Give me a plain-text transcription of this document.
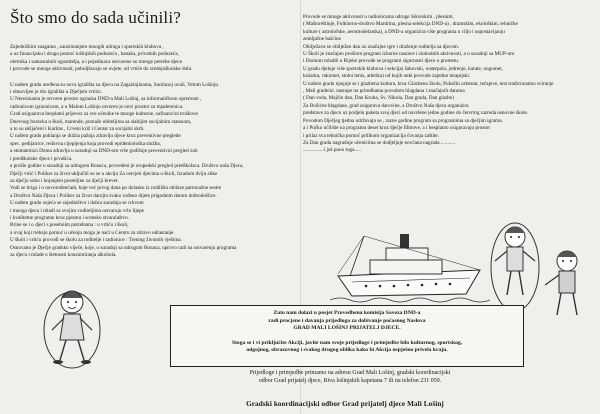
Što smo do sada učinili?

Zajedničkim snagama , zauzimanjem mnogih udruga i sportskih klubova ,

a uz financijsku i drugu pomoć lošinjskih poduzeća , banaka, privatnih poduzeća,

obrtnika i samostalnih ugostitelja, a i pojedinaca ostvarene su mnoge potrebe djece

i provode se mnoge aktivnosti, poboljšavaju se uvjete, od vrtiće do srednjoškolske dobi.

U našem gradu uređena su nova igrališta za djecu na Zagazinjinama, Sunčanoj uvali, Velom Lošinju

i obnovljen je dio igrališta u Dječjem vrtiću.

U Nerezinama je otvoren prostor ogranka DND-a Mali Lošinj, sa informatičkom opremom ,

radionicom igraonicom, a u Malom Lošinju otvoren je novi prostor za mjaderenicu.

Grad osiguarava besplatni prijevoz za sve učenike te mnoge kulturne, sufinancira troškove

Dnevnog boravka u školi, marende, pomaže obiteljima sa slabijim socijalnim statusom,

a to su ukljačeni i Karitas , Crveni križ i Centar za socijalni skrb.

U našem gradu poklanja se dužna pažnja zdravlju djece kroz preventivne preglede

spec. pedijatrice, redovna cijepljenja koja provodi epidemiološka služba,

a stomatolozi Doma zdravlja u suradnji sa DND-om vrše godišnje preventivni pregled zub

i predškolske djece i prvašića.

a prošle godine u suradnji sa udrugom Bonaca, provedeni je oropedski pregled predškolaca. Društvo naša Djeca,

Dječji vrtić i Poliker za život uključili su se u akciju Za ostvjeti djecima u školi, Izradom dviju slike

za dječju sobu i bojanjem posteljine za dječji krevet.

Vodi se briga i o novorođenčadi, koje već prvog dana po dolasku iz rodilišta obilaze patronažne sestre

a Društvo Naša Djeca i Poliker za život darujiu svako rođeno dijete prigodnim darom dobrodošlice.

U našem gradu osjeća se zajedništvo i dobra suradnja se crkvom

i mnoga djeca i mladi sa svojim voditeljima ostvaruju vrlo lijepe

i kvalitetne programe kroz pjesmu i scensko stvaralaštvo.

Brine se i o djeci s posebnim potrebama : u vrtiću i školi,

a ovaj koji trebaju pomoć u učenju mogu je naći u Centru za zdravo odrastanje.

U školi i vrtiću provodi se školu za roditelje i radionice : Trening životnih vještina.

Osnovano je Dječje gradsko vijeće, koje, u suradnji sa udrugom Bonaca, uprovo radi na ostvarenju programa

za djecu i mlade o štetnosti konzumiranja alkohola.

Provode se mnoge aktivnosti u radionicama udruge Sikorskim , plesnim,

( Maštoreštinje, Folklorno-društvo Mardrina, plesna selekcija DND-a) , dramskim, ekološkim, tehničke

kulture ( astrolofske, aeromodelarska), a DND-a organizira više programa u cilju i uspostavljanju

zemljačne bašćine

Obilježava se obilježen dan uz značajne igre i druženje roditelja sa djecom.

U Školi je značajno proširen program izborne nastave i slobodnih aktivnosti, a u suradnji sa MUP-om

i Domom mladih u Rijeke provode se programi sigurnosti djece u prometu.

U gradu djeluje više sportskih klubova i sekcija( šahovski, waterpolo, jedrenje, karate, nogomet,

košarka, rukomet, stolni tenis, atletika) od kojih neki provode zajedno terapijski.

U našem gradu njeguje se i glazbena kultura, kroz Glazbenu školu, Puhački orkestar, tečajeve, test tradicionalno sviranje

, Mali gradeini, nastupe na priredbama povodom blagdana i značajnih datuma

( Dan voda, Majčin dan, Dan Kruha, Sv. Nikola, Dan grada, Dan glazbe)

Za Božićne blagdane, grad osigurava darovine, a Društvo Naša djeca organizira

predstave za djecu uz podjelu paketa svoj djeci od navršene jedne godine do četvrtog razreda osnovne škole.

Povodom Dječjeg tjedna održavaju se , razne godine program sa programima sa dječjim igrama.

a i Pučko učilište na programu deset kroz dječje filmove, a i besplatno osiguravaju prostor

i prilaz sva tehnička pomoć prilikom organizacija čuvanja zaštite.

Za Dan grada nagrađuje učenicima se dodjeljuje novčana nagrada ...........

................i još puno toga.....

Zato nam dolazi u posjet Provedbena komisija Saveza DND-a
radi procjene i davanja prijedloga za dobivanje počasnog Naslova
GRAD MALI LOŠINJ PRIJATELJ DJECE.
Stoga se i vi priključite Akciji, javite nam svoje prijedloge i primjedbe bilo kulturnog, sportskog,
odgojnog, obrazovnog i svakog drugog oblika kako bi Akcija uspješno privela kraju.
Prijedloge i primjedbe primamo na adresu Grad Mali Lošinj, gradski koordinacijski
odbor Grad prijatelj djece, Riva lošinjskih kapetana 7 ili na telefon 231 059.
Gradski koordinacijski odbor Grad prijatelj djece Mali Lošinj
